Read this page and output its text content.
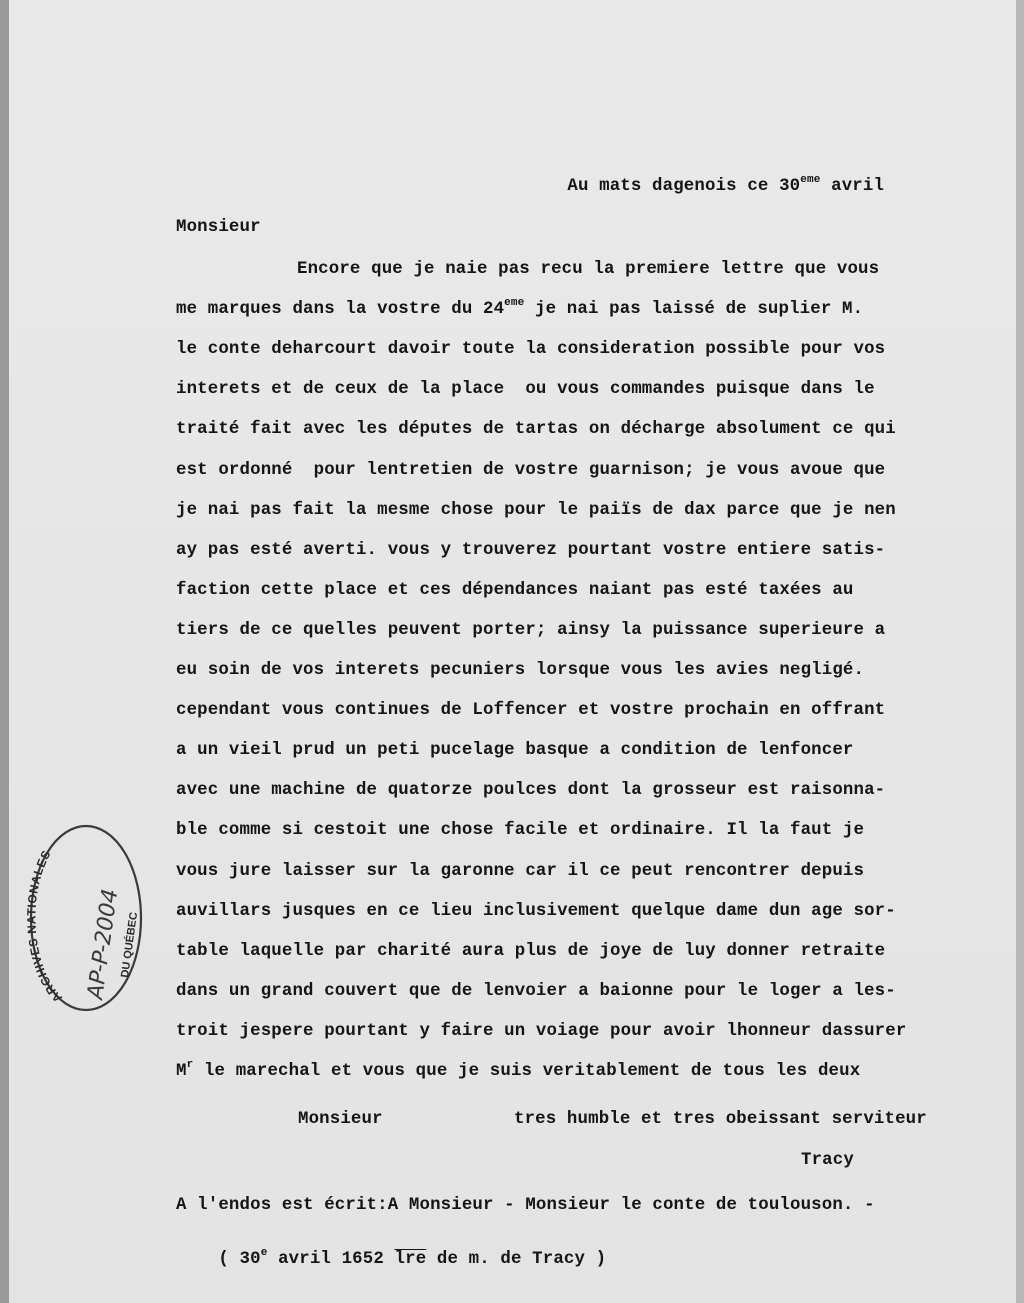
Au mats dagenois ce 30eme avril

Monsieur
Encore que je naie pas recu la premiere lettre que vous
me marques dans la vostre du 24eme je nai pas laissé de suplier M.
le conte deharcourt davoir toute la consideration possible pour vos
interets et de ceux de la place  ou vous commandes puisque dans le
traité fait avec les députes de tartas on décharge absolument ce qui
est ordonné  pour lentretien de vostre guarnison; je vous avoue que
je nai pas fait la mesme chose pour le paiïs de dax parce que je nen
ay pas esté averti. vous y trouverez pourtant vostre entiere satis-
faction cette place et ces dépendances naiant pas esté taxées au
tiers de ce quelles peuvent porter; ainsy la puissance superieure a
eu soin de vos interets pecuniers lorsque vous les avies negligé.
cependant vous continues de Loffencer et vostre prochain en offrant
a un vieil prud un peti pucelage basque a condition de lenfoncer
avec une machine de quatorze poulces dont la grosseur est raisonna-
ble comme si cestoit une chose facile et ordinaire. Il la faut je
vous jure laisser sur la garonne car il ce peut rencontrer depuis
auvillars jusques en ce lieu inclusivement quelque dame dun age sor-
table laquelle par charité aura plus de joye de luy donner retraite
dans un grand couvert que de lenvoier a baionne pour le loger a les-
troit jespere pourtant y faire un voiage pour avoir lhonneur dassurer
$M^r$ le marechal et vous que je suis veritablement de tous les deux
Monsieur	tres humble et tres obeissant serviteur
Tracy
A l'endos est écrit:A Monsieur - Monsieur le conte de toulouson. -

( 30e avril 1652 $\overline{lre}$ de m. de Tracy )

ARCHIVES NATIONALES
AP-P-2004
DU QUÉBEC
